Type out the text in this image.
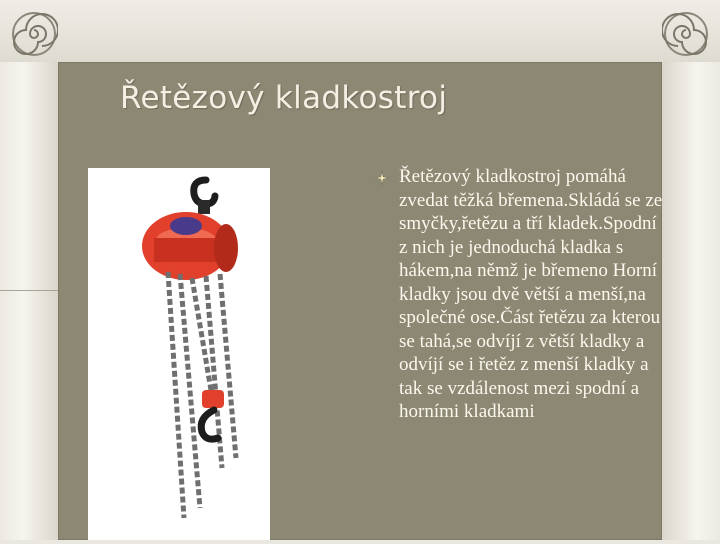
Řetězový kladkostroj

Řetězový kladkostroj pomáhá zvedat těžká břemena.Skládá se ze smyčky,řetězu a tří kladek.Spodní z nich je jednoduchá kladka s hákem,na němž je břemeno Horní kladky jsou dvě větší a menší,na společné ose.Část řetězu za kterou se tahá,se odvíjí z větší kladky a odvíjí se i řetěz z menší kladky a tak se vzdálenost mezi spodní a horními kladkami
